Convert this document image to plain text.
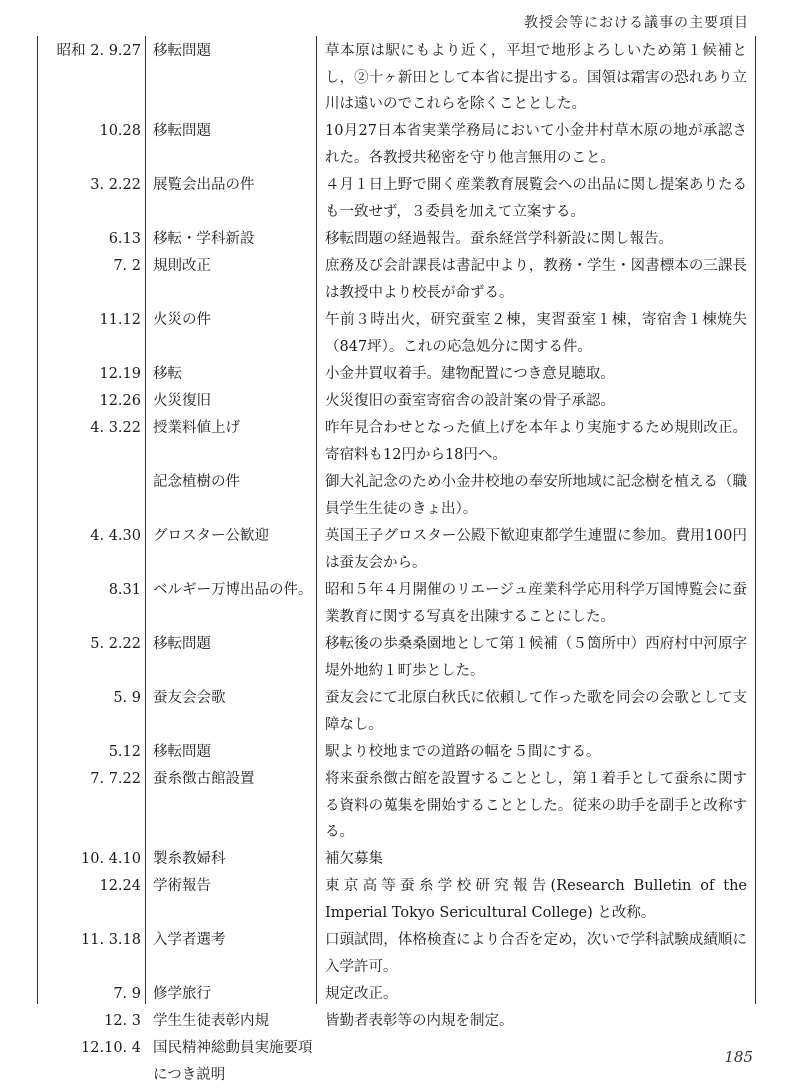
教授会等における議事の主要項目
昭和 2. 9.27 移転問題	草本原は駅にもより近く，平坦で地形よろしいため第１候補とし，②十ヶ新田として本省に提出する。国領は霜害の恐れあり立川は遠いのでこれらを除くこととした。
10.28 移転問題	10月27日本省実業学務局において小金井村草木原の地が承認された。各教授共秘密を守り他言無用のこと。
3. 2.22 展覧会出品の件	４月１日上野で開く産業教育展覧会への出品に関し提案ありたるも一致せず，３委員を加えて立案する。
6.13 移転・学科新設	移転問題の経過報告。蚕糸経営学科新設に関し報告。
7. 2 規則改正	庶務及び会計課長は書記中より，教務・学生・図書標本の三課長は教授中より校長が命ずる。
11.12 火災の件	午前３時出火，研究蚕室２棟，実習蚕室１棟，寄宿舎１棟焼失（847坪）。これの応急処分に関する件。
12.19 移転	小金井買収着手。建物配置につき意見聴取。
12.26 火災復旧	火災復旧の蚕室寄宿舎の設計案の骨子承認。
4. 3.22 授業料値上げ	昨年見合わせとなった値上げを本年より実施するため規則改正。寄宿料も12円から18円へ。
記念植樹の件	御大礼記念のため小金井校地の奉安所地域に記念樹を植える（職員学生生徒のきょ出）。
4. 4.30 グロスター公歓迎	英国王子グロスター公殿下歓迎東都学生連盟に参加。費用100円は蚕友会から。
8.31 ベルギー万博出品の件。 昭和５年４月開催のリエージュ産業科学応用科学万国博覧会に蚕業教育に関する写真を出陳することにした。
5. 2.22 移転問題	移転後の歩桑桑園地として第１候補（５箇所中）西府村中河原字堤外地約１町歩とした。
5. 9 蚕友会会歌	蚕友会にて北原白秋氏に依頼して作った歌を同会の会歌として支障なし。
5.12 移転問題	駅より校地までの道路の幅を５間にする。
7. 7.22 蚕糸徴古館設置	将来蚕糸徴古館を設置することとし，第１着手として蚕糸に関する資料の蒐集を開始することとした。従来の助手を副手と改称する。
10. 4.10 製糸教婦科	補欠募集
12.24 学術報告	東京高等蚕糸学校研究報告(Research Bulletin of the Imperial Tokyo Sericultural College) と改称。
11. 3.18 入学者選考	口頭試問，体格検査により合否を定め，次いで学科試験成績順に入学許可。
7. 9 修学旅行	規定改正。
12. 3 学生生徒表彰内規	皆勤者表彰等の内規を制定。
12.10. 4 国民精神総動員実施要項につき説明
185
